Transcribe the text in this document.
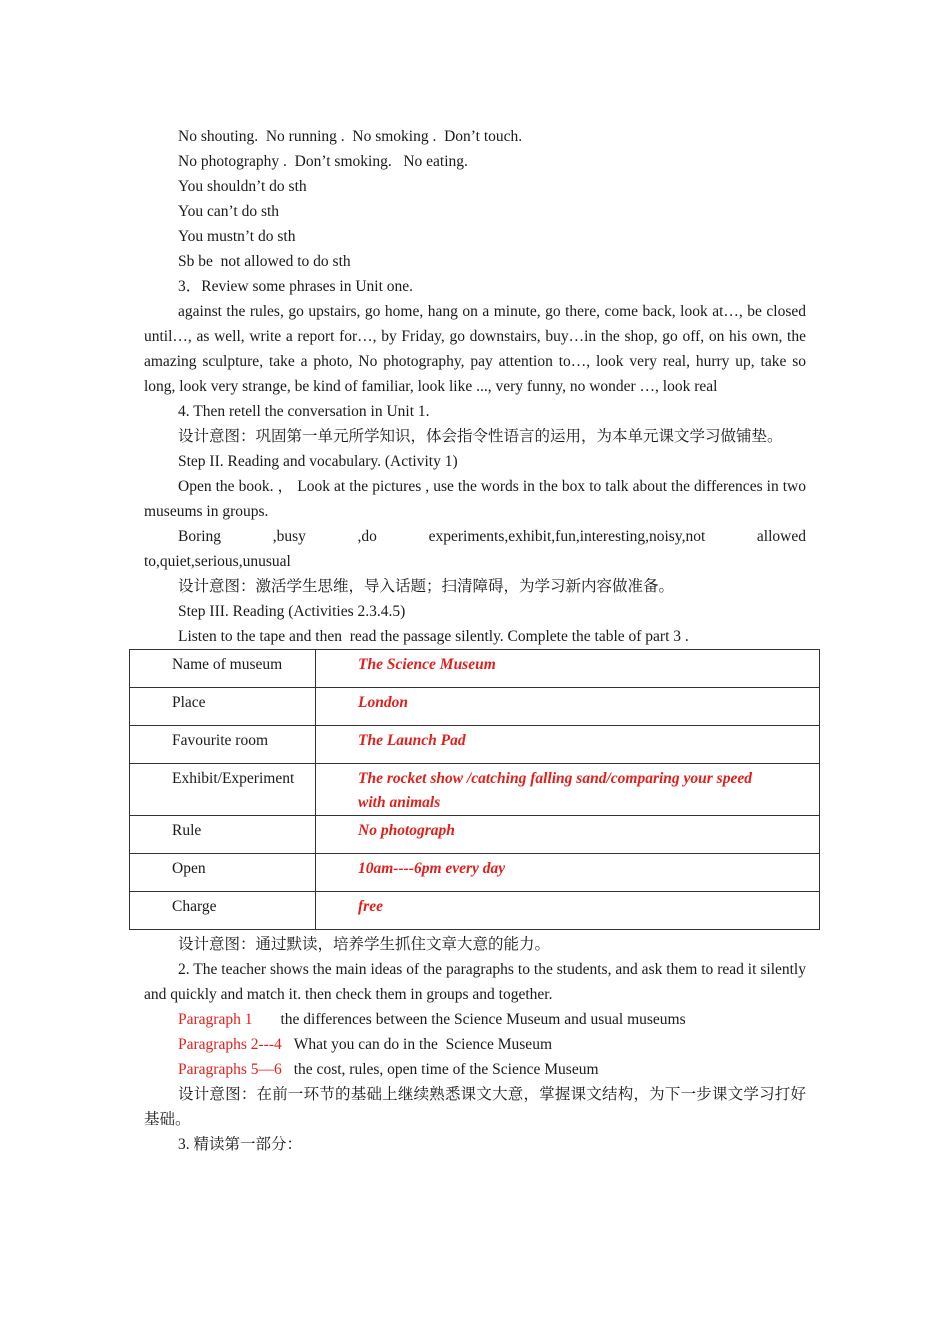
No shouting.  No running .  No smoking .  Don’t touch.

No photography .  Don’t smoking.   No eating.

You shouldn’t do sth

You can’t do sth

You mustn’t do sth

Sb be  not allowed to do sth

3．Review some phrases in Unit one.

against the rules, go upstairs, go home, hang on a minute, go there, come back, look at…, be closed until…, as well, write a report for…, by Friday, go downstairs, buy…in the shop, go off, on his own, the amazing sculpture, take a photo, No photography, pay attention to…, look very real, hurry up, take so long, look very strange, be kind of familiar, look like ..., very funny, no wonder …, look real

4. Then retell the conversation in Unit 1.

设计意图：巩固第一单元所学知识，体会指令性语言的运用，为本单元课文学习做铺垫。

Step II. Reading and vocabulary. (Activity 1)

Open the book. ， Look at the pictures , use the words in the box to talk about the differences in two museums in groups.

Boring ,busy ,do experiments,exhibit,fun,interesting,noisy,not allowed

to,quiet,serious,unusual

设计意图：激活学生思维，导入话题；扫清障碍，为学习新内容做准备。

Step III. Reading (Activities 2.3.4.5)

Listen to the tape and then  read the passage silently. Complete the table of part 3 .

Name of museum	The Science Museum
Place	London
Favourite room	The Launch Pad
Exhibit/Experiment	The rocket show /catching falling sand/comparing your speed with animals

Rule	No photograph
Open	10am----6pm every day
Charge	free

设计意图：通过默读，培养学生抓住文章大意的能力。

2. The teacher shows the main ideas of the paragraphs to the students, and ask them to read it silently and quickly and match it. then check them in groups and together.

Paragraph 1 the differences between the Science Museum and usual museums

Paragraphs 2---4 What you can do in the  Science Museum

Paragraphs 5—6 the cost, rules, open time of the Science Museum

设计意图：在前一环节的基础上继续熟悉课文大意，掌握课文结构，为下一步课文学习打好基础。

3. 精读第一部分：
